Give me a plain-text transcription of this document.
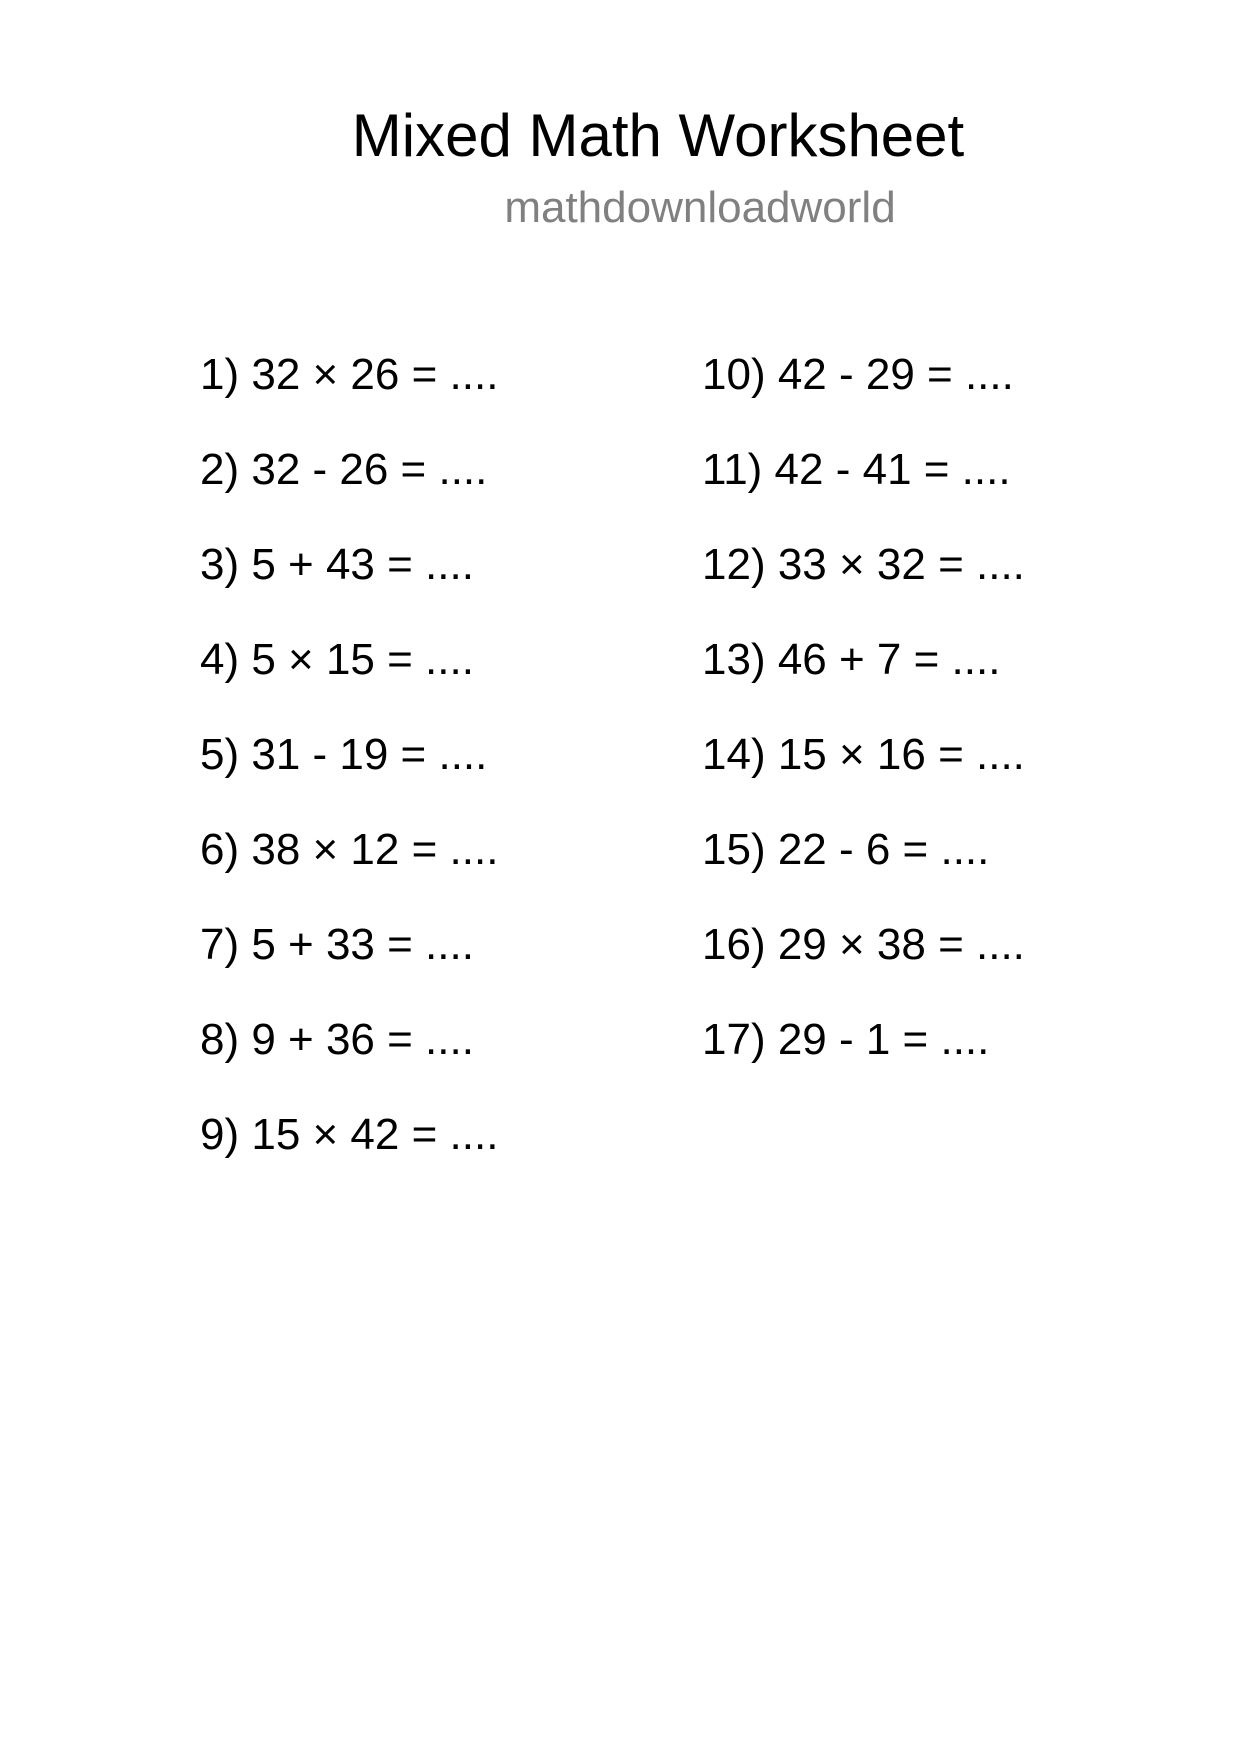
Mixed Math Worksheet
mathdownloadworld
1) 32 × 26 = ....
2) 32 - 26 = ....
3) 5 + 43 = ....
4) 5 × 15 = ....
5) 31 - 19 = ....
6) 38 × 12 = ....
7) 5 + 33 = ....
8) 9 + 36 = ....
9) 15 × 42 = ....
10) 42 - 29 = ....
11) 42 - 41 = ....
12) 33 × 32 = ....
13) 46 + 7 = ....
14) 15 × 16 = ....
15) 22 - 6 = ....
16) 29 × 38 = ....
17) 29 - 1 = ....
